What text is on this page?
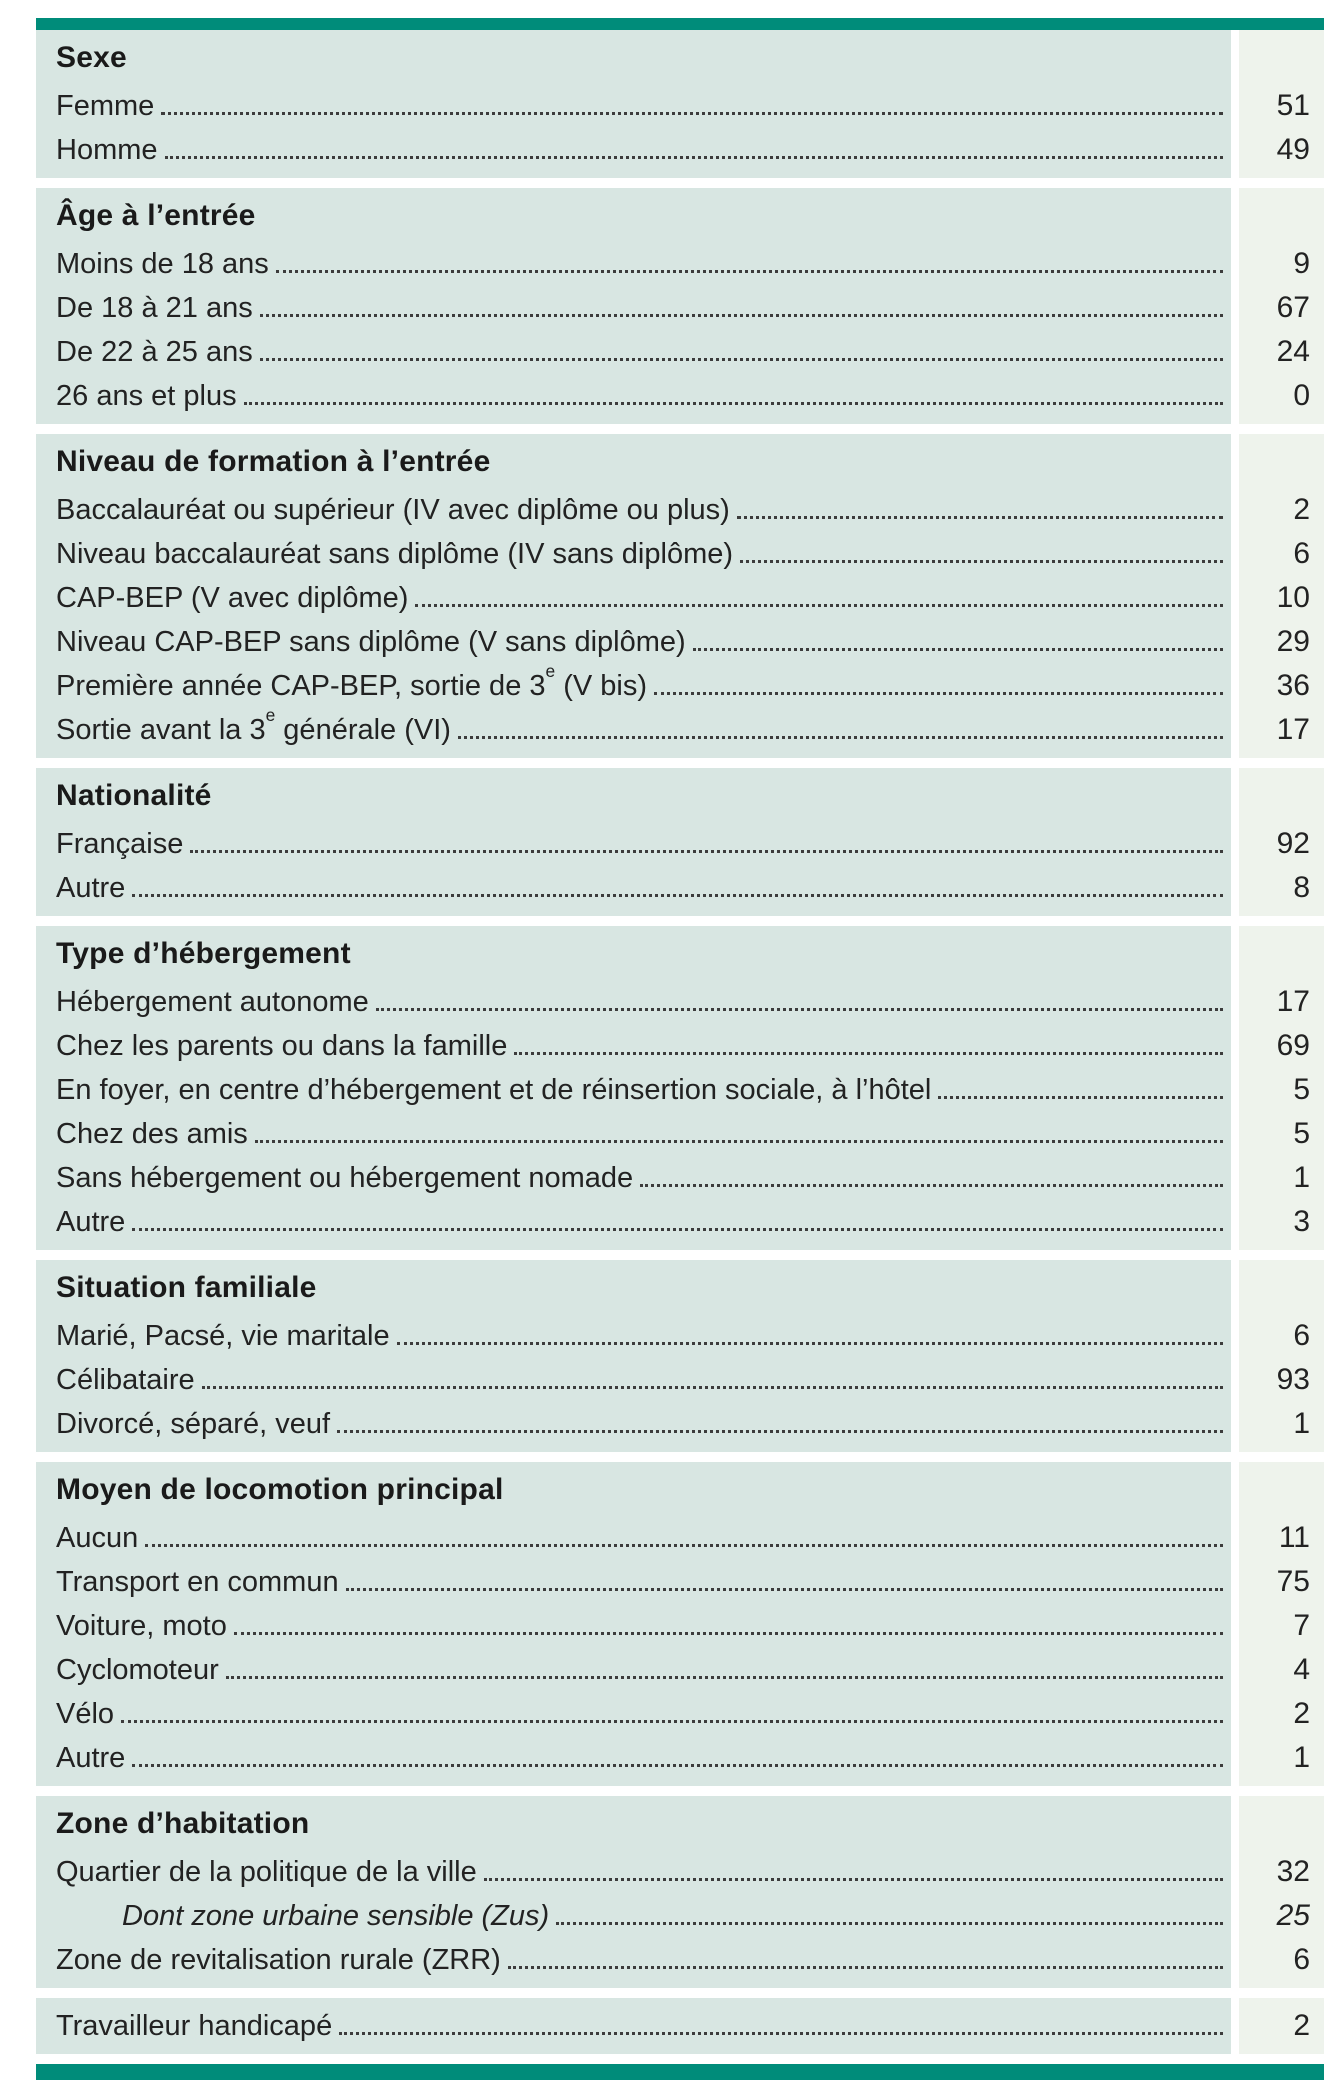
Sexe
Femme
Homme
51
49
Âge à l’entrée
Moins de 18 ans
De 18 à 21 ans
De 22 à 25 ans
26 ans et plus
9
67
24
0
Niveau de formation à l’entrée
Baccalauréat ou supérieur (IV avec diplôme ou plus)
Niveau baccalauréat sans diplôme (IV sans diplôme)
CAP-BEP (V avec diplôme)
Niveau CAP-BEP sans diplôme (V sans diplôme)
Première année CAP-BEP, sortie de 3e (V bis)
Sortie avant la 3e générale (VI)
2
6
10
29
36
17
Nationalité
Française
Autre
92
8
Type d’hébergement
Hébergement autonome
Chez les parents ou dans la famille
En foyer, en centre d’hébergement et de réinsertion sociale, à l’hôtel
Chez des amis
Sans hébergement ou hébergement nomade
Autre
17
69
5
5
1
3
Situation familiale
Marié, Pacsé, vie maritale
Célibataire
Divorcé, séparé, veuf
6
93
1
Moyen de locomotion principal
Aucun
Transport en commun
Voiture, moto
Cyclomoteur
Vélo
Autre
11
75
7
4
2
1
Zone d’habitation
Quartier de la politique de la ville
Dont zone urbaine sensible (Zus)
Zone de revitalisation rurale (ZRR)
32
25
6
Travailleur handicapé	2
